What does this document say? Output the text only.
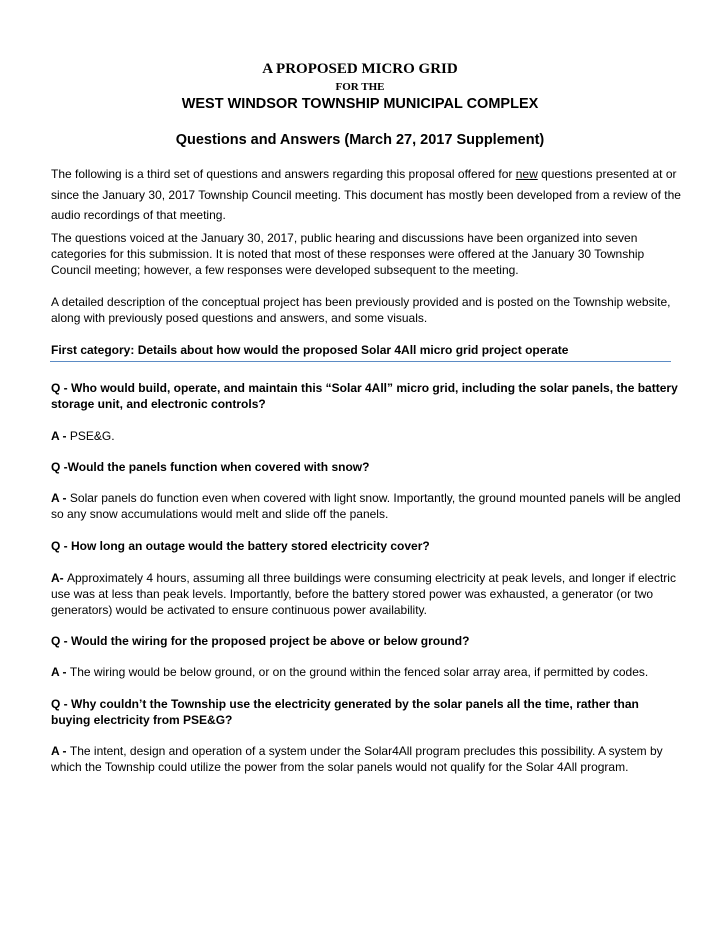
A PROPOSED MICRO GRID
FOR THE
WEST WINDSOR TOWNSHIP MUNICIPAL COMPLEX
Questions and Answers (March 27, 2017 Supplement)

The following is a third set of questions and answers regarding this proposal offered for new questions presented at or since the January 30, 2017 Township Council meeting. This document has mostly been developed from a review of the audio recordings of that meeting.

The questions voiced at the January 30, 2017, public hearing and discussions have been organized into seven categories for this submission. It is noted that most of these responses were offered at the January 30 Township Council meeting; however, a few responses were developed subsequent to the meeting.

A detailed description of the conceptual project has been previously provided and is posted on the Township website, along with previously posed questions and answers, and some visuals.

First category: Details about how would the proposed Solar 4All micro grid project operate
Q - Who would build, operate, and maintain this “Solar 4All” micro grid, including the solar panels, the battery storage unit, and electronic controls?
A - PSE&G.
Q -Would the panels function when covered with snow?
A - Solar panels do function even when covered with light snow. Importantly, the ground mounted panels will be angled so any snow accumulations would melt and slide off the panels.
Q - How long an outage would the battery stored electricity cover?
A- Approximately 4 hours, assuming all three buildings were consuming electricity at peak levels, and longer if electric use was at less than peak levels. Importantly, before the battery stored power was exhausted, a generator (or two generators) would be activated to ensure continuous power availability.
Q - Would the wiring for the proposed project be above or below ground?
A - The wiring would be below ground, or on the ground within the fenced solar array area, if permitted by codes.
Q - Why couldn’t the Township use the electricity generated by the solar panels all the time, rather than buying electricity from PSE&G?
A - The intent, design and operation of a system under the Solar4All program precludes this possibility. A system by which the Township could utilize the power from the solar panels would not qualify for the Solar 4All program.
